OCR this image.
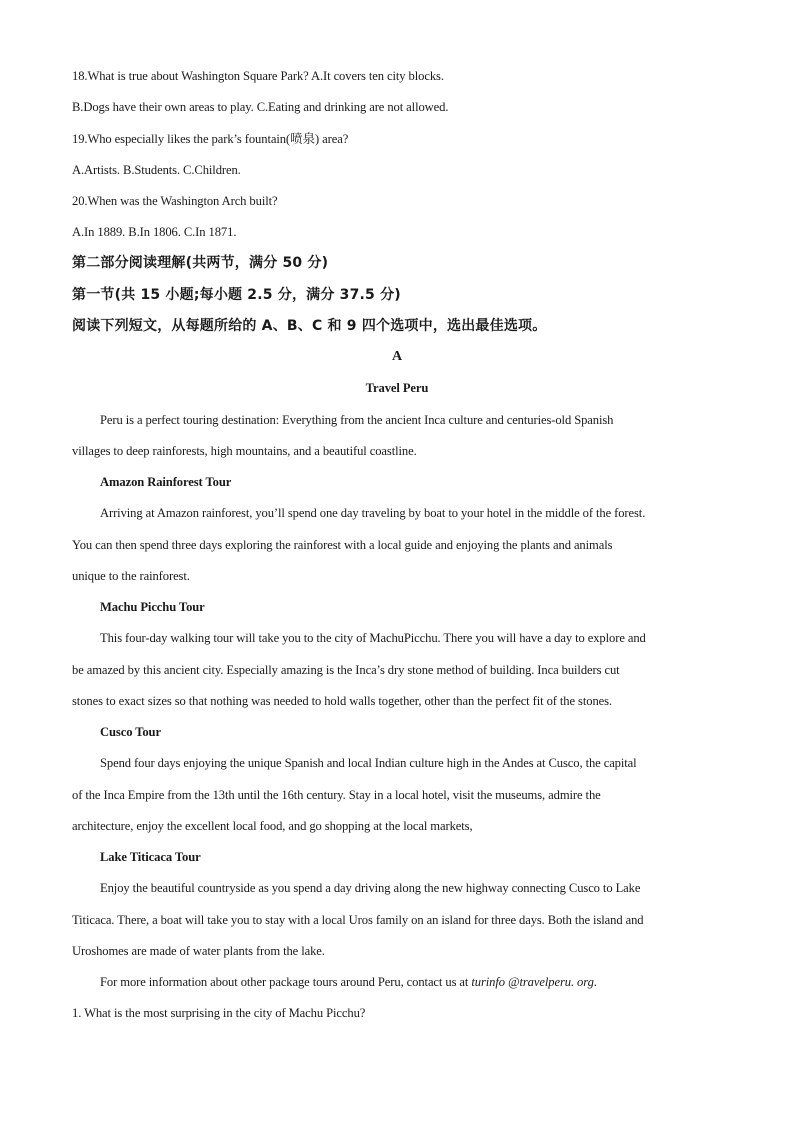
18.What is true about Washington Square Park? A.It covers ten city blocks.
B.Dogs have their own areas to play. C.Eating and drinking are not allowed.
19.Who especially likes the park’s fountain(喷泉) area?
A.Artists. B.Students. C.Children.
20.When was the Washington Arch built?
A.In 1889. B.In 1806. C.In 1871.
第二部分阅读理解(共两节，满分 50 分)
第一节(共 15 小题;每小题 2.5 分，满分 37.5 分)
阅读下列短文，从每题所给的 A、B、C 和 9 四个选项中，选出最佳选项。
A
Travel Peru
Peru is a perfect touring destination: Everything from the ancient Inca culture and centuries-old Spanish
villages to deep rainforests, high mountains, and a beautiful coastline.
Amazon Rainforest Tour
Arriving at Amazon rainforest, you’ll spend one day traveling by boat to your hotel in the middle of the forest.
You can then spend three days exploring the rainforest with a local guide and enjoying the plants and animals
unique to the rainforest.
Machu Picchu Tour
This four-day walking tour will take you to the city of MachuPicchu. There you will have a day to explore and
be amazed by this ancient city. Especially amazing is the Inca’s dry stone method of building. Inca builders cut
stones to exact sizes so that nothing was needed to hold walls together, other than the perfect fit of the stones.
Cusco Tour
Spend four days enjoying the unique Spanish and local Indian culture high in the Andes at Cusco, the capital
of the Inca Empire from the 13th until the 16th century. Stay in a local hotel, visit the museums, admire the
architecture, enjoy the excellent local food, and go shopping at the local markets,
Lake Titicaca Tour
Enjoy the beautiful countryside as you spend a day driving along the new highway connecting Cusco to Lake
Titicaca. There, a boat will take you to stay with a local Uros family on an island for three days. Both the island and
Uroshomes are made of water plants from the lake.
For more information about other package tours around Peru, contact us at turinfo @travelperu. org.
1. What is the most surprising in the city of Machu Picchu?
